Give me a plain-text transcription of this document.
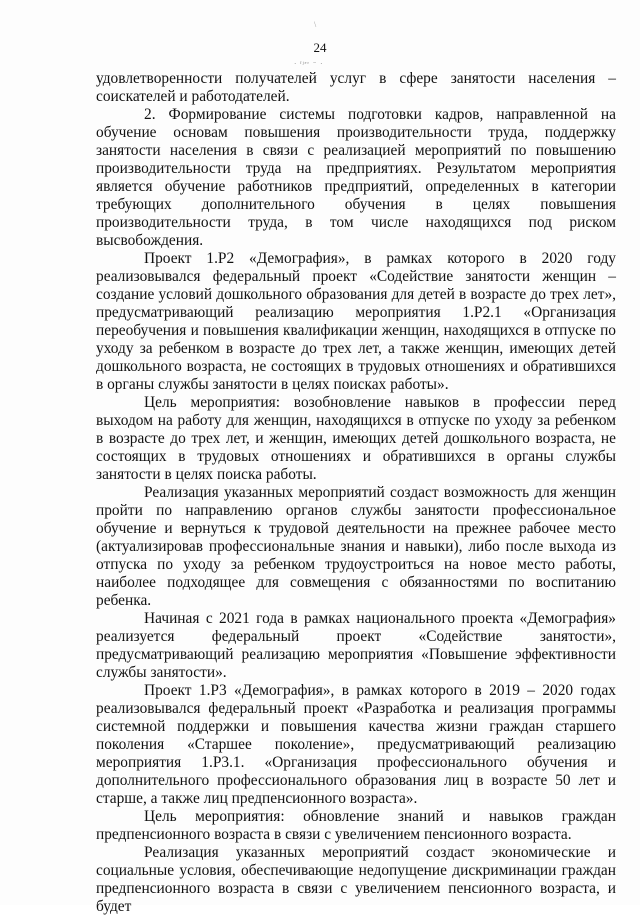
\
24
· ᶠʲᵉʳ ⁻ ·

удовлетворенности получателей услуг в сфере занятости населения – соискателей и работодателей.

2. Формирование системы подготовки кадров, направленной на обучение основам повышения производительности труда, поддержку занятости населения в связи с реализацией мероприятий по повышению производительности труда на предприятиях. Результатом мероприятия является обучение работников предприятий, определенных в категории требующих дополнительного обучения в целях повышения производительности труда, в том числе находящихся под риском высвобождения.

Проект 1.Р2 «Демография», в рамках которого в 2020 году реализовывался федеральный проект «Содействие занятости женщин – создание условий дошкольного образования для детей в возрасте до трех лет», предусматривающий реализацию мероприятия 1.Р2.1 «Организация переобучения и повышения квалификации женщин, находящихся в отпуске по уходу за ребенком в возрасте до трех лет, а также женщин, имеющих детей дошкольного возраста, не состоящих в трудовых отношениях и обратившихся в органы службы занятости в целях поисках работы».

Цель мероприятия: возобновление навыков в профессии перед выходом на работу для женщин, находящихся в отпуске по уходу за ребенком в возрасте до трех лет, и женщин, имеющих детей дошкольного возраста, не состоящих в трудовых отношениях и обратившихся в органы службы занятости в целях поиска работы.

Реализация указанных мероприятий создаст возможность для женщин пройти по направлению органов службы занятости профессиональное обучение и вернуться к трудовой деятельности на прежнее рабочее место (актуализировав профессиональные знания и навыки), либо после выхода из отпуска по уходу за ребенком трудоустроиться на новое место работы, наиболее подходящее для совмещения с обязанностями по воспитанию ребенка.

Начиная с 2021 года в рамках национального проекта «Демография» реализуется федеральный проект «Содействие занятости», предусматривающий реализацию мероприятия «Повышение эффективности службы занятости».

Проект 1.Р3 «Демография», в рамках которого в 2019 – 2020 годах реализовывался федеральный проект «Разработка и реализация программы системной поддержки и повышения качества жизни граждан старшего поколения «Старшее поколение», предусматривающий реализацию мероприятия 1.Р3.1. «Организация профессионального обучения и дополнительного профессионального образования лиц в возрасте 50 лет и старше, а также лиц предпенсионного возраста».

Цель мероприятия: обновление знаний и навыков граждан предпенсионного возраста в связи с увеличением пенсионного возраста.

Реализация указанных мероприятий создаст экономические и социальные условия, обеспечивающие недопущение дискриминации граждан предпенсионного возраста в связи с увеличением пенсионного возраста, и будет
